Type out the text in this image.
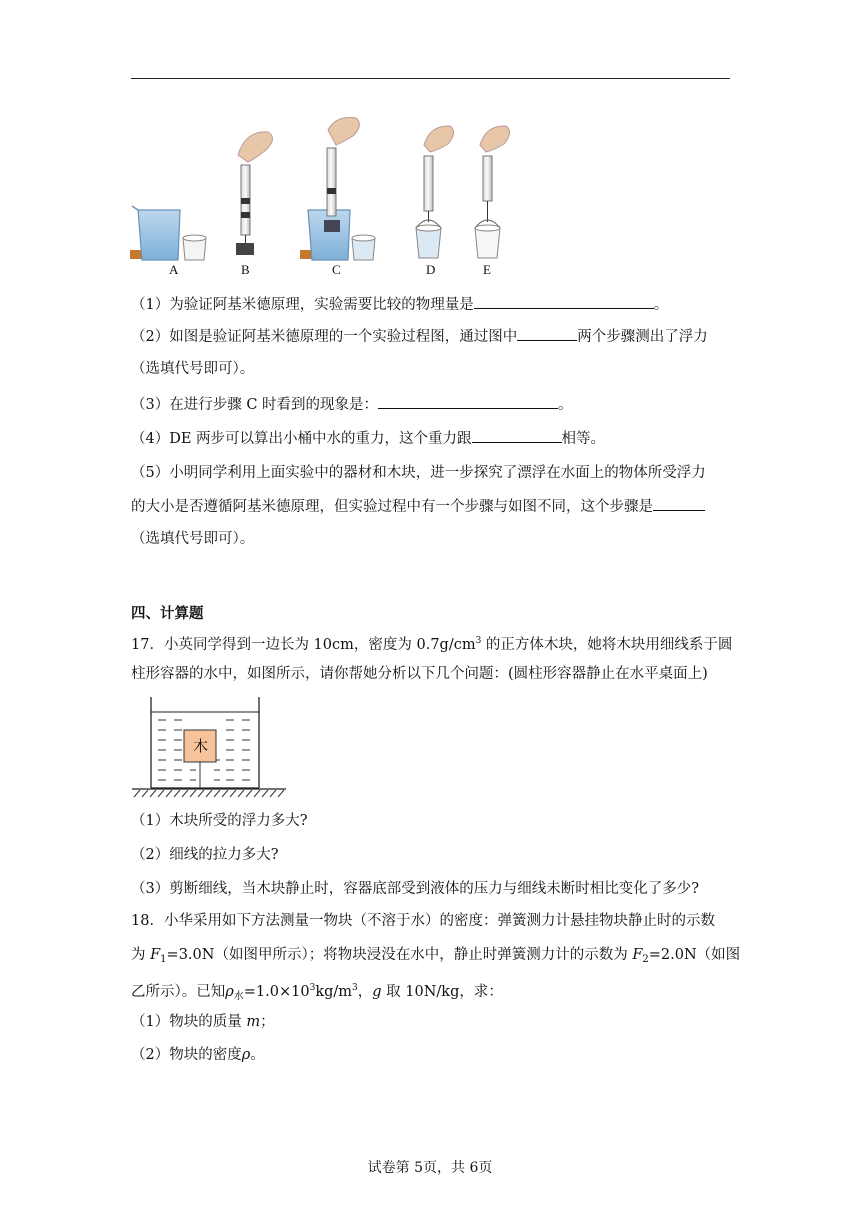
A	B	C	D	E
（1）为验证阿基米德原理，实验需要比较的物理量是	。
（2）如图是验证阿基米德原理的一个实验过程图，通过图中	两个步骤测出了浮力
（选填代号即可）。
（3）在进行步骤 C 时看到的现象是：	。
（4）DE 两步可以算出小桶中水的重力，这个重力跟	相等。
（5）小明同学利用上面实验中的器材和木块，进一步探究了漂浮在水面上的物体所受浮力
的大小是否遵循阿基米德原理，但实验过程中有一个步骤与如图不同，这个步骤是
（选填代号即可）。
四、计算题
17．小英同学得到一边长为 10cm，密度为 $0.7g/cm^3$ 的正方体木块，她将木块用细线系于圆
柱形容器的水中，如图所示，请你帮她分析以下几个问题：(圆柱形容器静止在水平桌面上)
木
（1）木块所受的浮力多大?
（2）细线的拉力多大?
（3）剪断细线，当木块静止时，容器底部受到液体的压力与细线未断时相比变化了多少?
18．小华采用如下方法测量一物块（不溶于水）的密度：弹簧测力计悬挂物块静止时的示数
为 $F_1=3.0N$（如图甲所示）；将物块浸没在水中，静止时弹簧测力计的示数为 $F_2=2.0N$（如图
乙所示）。已知$\rho_水=1.0\times 10^3kg/m^3$，g 取 10N/kg，求：
（1）物块的质量 m；
（2）物块的密度ρ。
试卷第 5页，共 6页
